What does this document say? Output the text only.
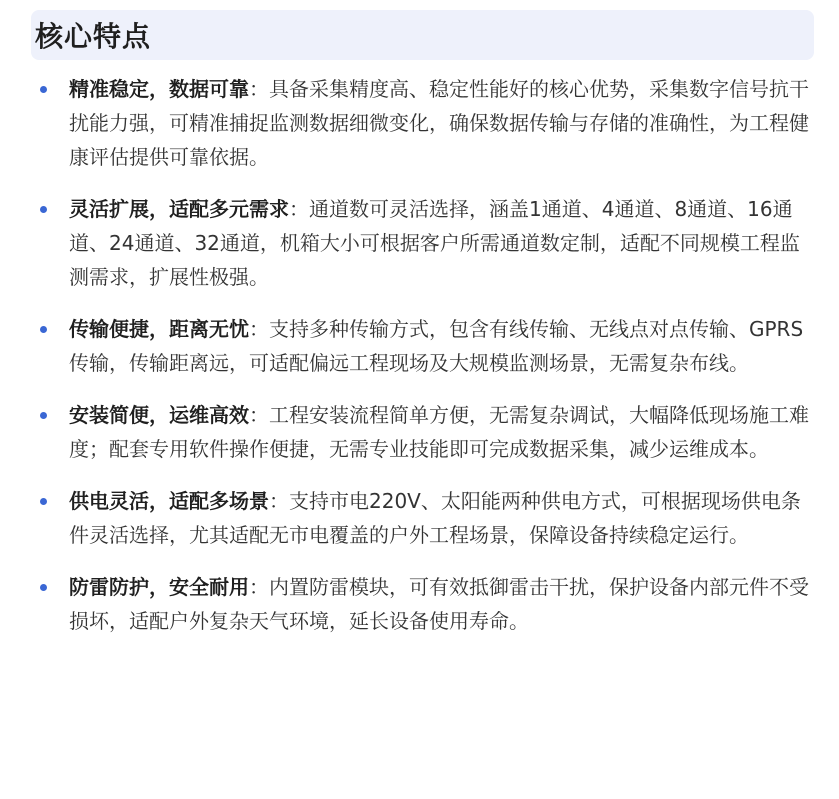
核心特点
精准稳定，数据可靠：具备采集精度高、稳定性能好的核心优势，采集数字信号抗干扰能力强，可精准捕捉监测数据细微变化，确保数据传输与存储的准确性，为工程健康评估提供可靠依据。
灵活扩展，适配多元需求：通道数可灵活选择，涵盖1通道、4通道、8通道、16通道、24通道、32通道，机箱大小可根据客户所需通道数定制，适配不同规模工程监测需求，扩展性极强。
传输便捷，距离无忧：支持多种传输方式，包含有线传输、无线点对点传输、GPRS传输，传输距离远，可适配偏远工程现场及大规模监测场景，无需复杂布线。
安装简便，运维高效：工程安装流程简单方便，无需复杂调试，大幅降低现场施工难度；配套专用软件操作便捷，无需专业技能即可完成数据采集，减少运维成本。
供电灵活，适配多场景：支持市电220V、太阳能两种供电方式，可根据现场供电条件灵活选择，尤其适配无市电覆盖的户外工程场景，保障设备持续稳定运行。
防雷防护，安全耐用：内置防雷模块，可有效抵御雷击干扰，保护设备内部元件不受损坏，适配户外复杂天气环境，延长设备使用寿命。
